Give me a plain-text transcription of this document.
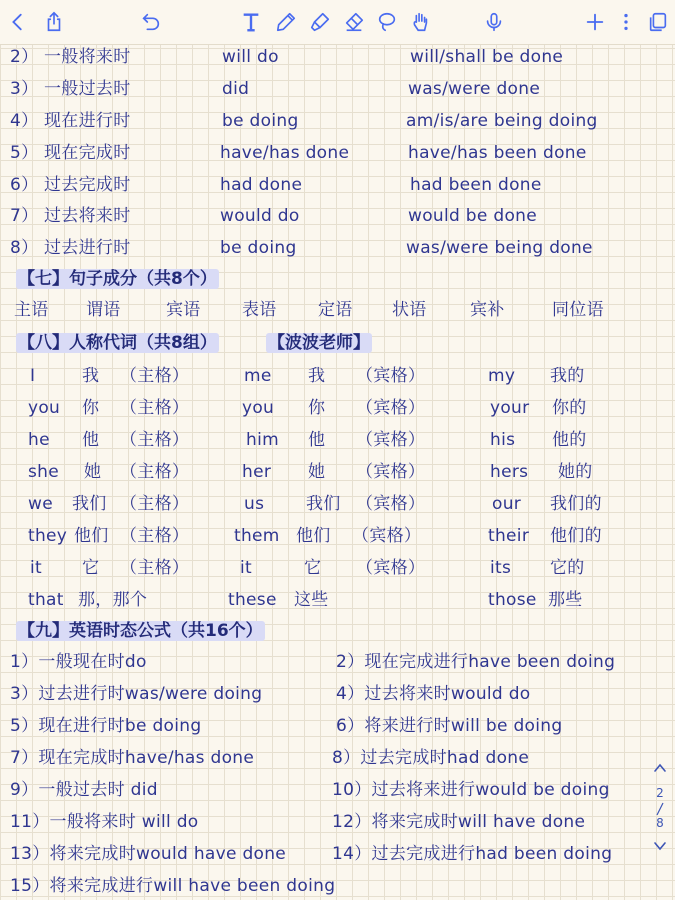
2） 一般将来时	will do	will/shall be done
3） 一般过去时	did	was/were done
4） 现在进行时	be doing	am/is/are being doing
5） 现在完成时	have/has done	have/has been done
6） 过去完成时	had done	had been done
7） 过去将来时	would do	would be done
8） 过去进行时	be doing	was/were being done
【七】句子成分（共8个）
主语 谓语	宾语 表语 定语 状语	宾补	同位语
【八】人称代词（共8组）	【波波老师】
I	我 （主格）	me 我 （宾格）	my 我的
you 你 （主格）	you 你 （宾格）	your 你的
he 他 （主格）	him 他 （宾格）	his 他的
she 她 （主格）	her 她 （宾格）	hers 她的
we 我们 （主格）	us 我们 （宾格）	our 我们的
they 他们 （主格）	them 他们 （宾格）	their 他们的
it 它 （主格）	it	它 （宾格）	its 它的
that 那，那个	these 这些	those 那些
【九】英语时态公式（共16个）
1）一般现在时do	2）现在完成进行have been doing
3）过去进行时was/were doing	4）过去将来时would do
5）现在进行时be doing	6）将来进行时will be doing
7）现在完成时have/has done	8）过去完成时had done
9）一般过去时 did	10）过去将来进行would be doing
11）一般将来时 will do	12）将来完成时will have done
13）将来完成时would have done	14）过去完成进行had been doing
15）将来完成进行will have been doing
2
8
